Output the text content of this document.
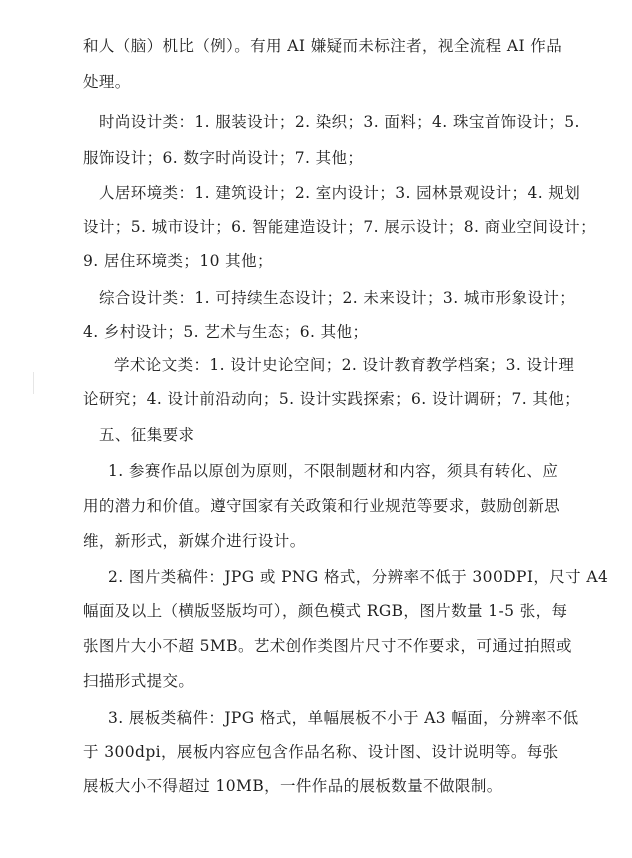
和人（脑）机比（例）。有用 AI 嫌疑而未标注者，视全流程 AI 作品
处理。
时尚设计类：1. 服装设计；2. 染织；3. 面料；4. 珠宝首饰设计；5.
服饰设计；6. 数字时尚设计；7. 其他；
人居环境类：1. 建筑设计；2. 室内设计；3. 园林景观设计；4. 规划
设计；5. 城市设计；6. 智能建造设计；7. 展示设计；8. 商业空间设计；
9. 居住环境类；10 其他；
综合设计类：1. 可持续生态设计；2. 未来设计；3. 城市形象设计；
4. 乡村设计；5. 艺术与生态；6. 其他；
学术论文类：1. 设计史论空间；2. 设计教育教学档案；3. 设计理
论研究；4. 设计前沿动向；5. 设计实践探索；6. 设计调研；7. 其他；
五、征集要求
1. 参赛作品以原创为原则，不限制题材和内容，须具有转化、应
用的潜力和价值。遵守国家有关政策和行业规范等要求，鼓励创新思
维，新形式，新媒介进行设计。
2. 图片类稿件：JPG 或 PNG 格式，分辨率不低于 300DPI，尺寸 A4
幅面及以上（横版竖版均可），颜色模式 RGB，图片数量 1-5 张，每
张图片大小不超 5MB。艺术创作类图片尺寸不作要求，可通过拍照或
扫描形式提交。
3. 展板类稿件：JPG 格式，单幅展板不小于 A3 幅面，分辨率不低
于 300dpi，展板内容应包含作品名称、设计图、设计说明等。每张
展板大小不得超过 10MB，一件作品的展板数量不做限制。
